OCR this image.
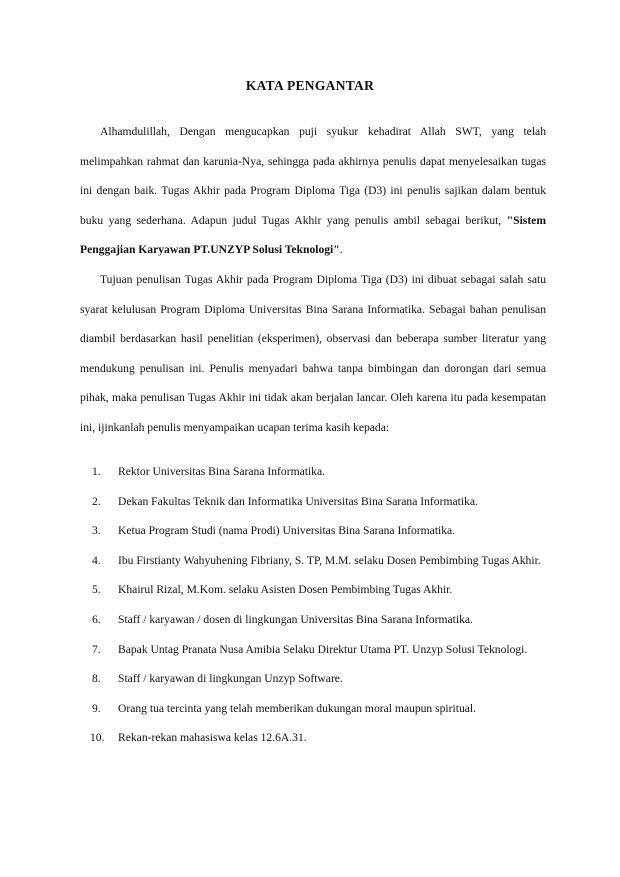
KATA PENGANTAR

Alhamdulillah, Dengan mengucapkan puji syukur kehadirat Allah SWT, yang telah melimpahkan rahmat dan karunia-Nya, sehingga pada akhirnya penulis dapat menyelesaikan tugas ini dengan baik. Tugas Akhir pada Program Diploma Tiga (D3) ini penulis sajikan dalam bentuk buku yang sederhana. Adapun judul Tugas Akhir yang penulis ambil sebagai berikut, "Sistem Penggajian Karyawan PT.UNZYP Solusi Teknologi".

Tujuan penulisan Tugas Akhir pada Program Diploma Tiga (D3) ini dibuat sebagai salah satu syarat kelulusan Program Diploma Universitas Bina Sarana Informatika. Sebagai bahan penulisan diambil berdasarkan hasil penelitian (eksperimen), observasi dan beberapa sumber literatur yang mendukung penulisan ini. Penulis menyadari bahwa tanpa bimbingan dan dorongan dari semua pihak, maka penulisan Tugas Akhir ini tidak akan berjalan lancar. Oleh karena itu pada kesempatan ini, ijinkanlah penulis menyampaikan ucapan terima kasih kepada:

1.	Rektor Universitas Bina Sarana Informatika.
2.	Dekan Fakultas Teknik dan Informatika Universitas Bina Sarana Informatika.
3.	Ketua Program Studi (nama Prodi) Universitas Bina Sarana Informatika.
4.	Ibu Firstianty Wahyuhening Fibriany, S. TP, M.M. selaku Dosen Pembimbing Tugas Akhir.
5.	Khairul Rizal, M.Kom. selaku Asisten Dosen Pembimbing Tugas Akhir.
6.	Staff / karyawan / dosen di lingkungan Universitas Bina Sarana Informatika.
7.	Bapak Untag Pranata Nusa Amibia Selaku Direktur Utama PT. Unzyp Solusi Teknologi.
8.	Staff / karyawan di lingkungan Unzyp Software.
9.	Orang tua tercinta yang telah memberikan dukungan moral maupun spiritual.
10.	Rekan-rekan mahasiswa kelas 12.6A.31.
